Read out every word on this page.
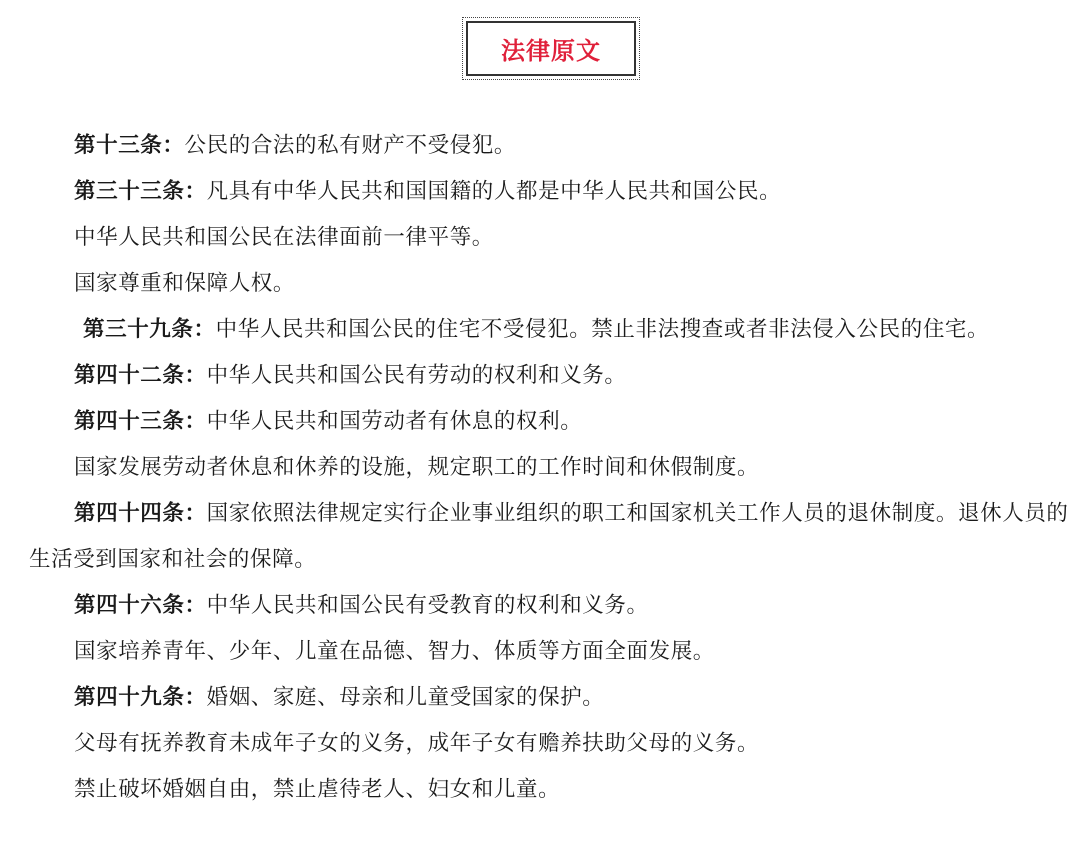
法律原文

第十三条：公民的合法的私有财产不受侵犯。

第三十三条：凡具有中华人民共和国国籍的人都是中华人民共和国公民。

中华人民共和国公民在法律面前一律平等。

国家尊重和保障人权。

第三十九条：中华人民共和国公民的住宅不受侵犯。禁止非法搜查或者非法侵入公民的住宅。

第四十二条：中华人民共和国公民有劳动的权利和义务。

第四十三条：中华人民共和国劳动者有休息的权利。

国家发展劳动者休息和休养的设施，规定职工的工作时间和休假制度。

第四十四条：国家依照法律规定实行企业事业组织的职工和国家机关工作人员的退休制度。退休人员的生活受到国家和社会的保障。

第四十六条：中华人民共和国公民有受教育的权利和义务。

国家培养青年、少年、儿童在品德、智力、体质等方面全面发展。

第四十九条：婚姻、家庭、母亲和儿童受国家的保护。

父母有抚养教育未成年子女的义务，成年子女有赡养扶助父母的义务。

禁止破坏婚姻自由，禁止虐待老人、妇女和儿童。
